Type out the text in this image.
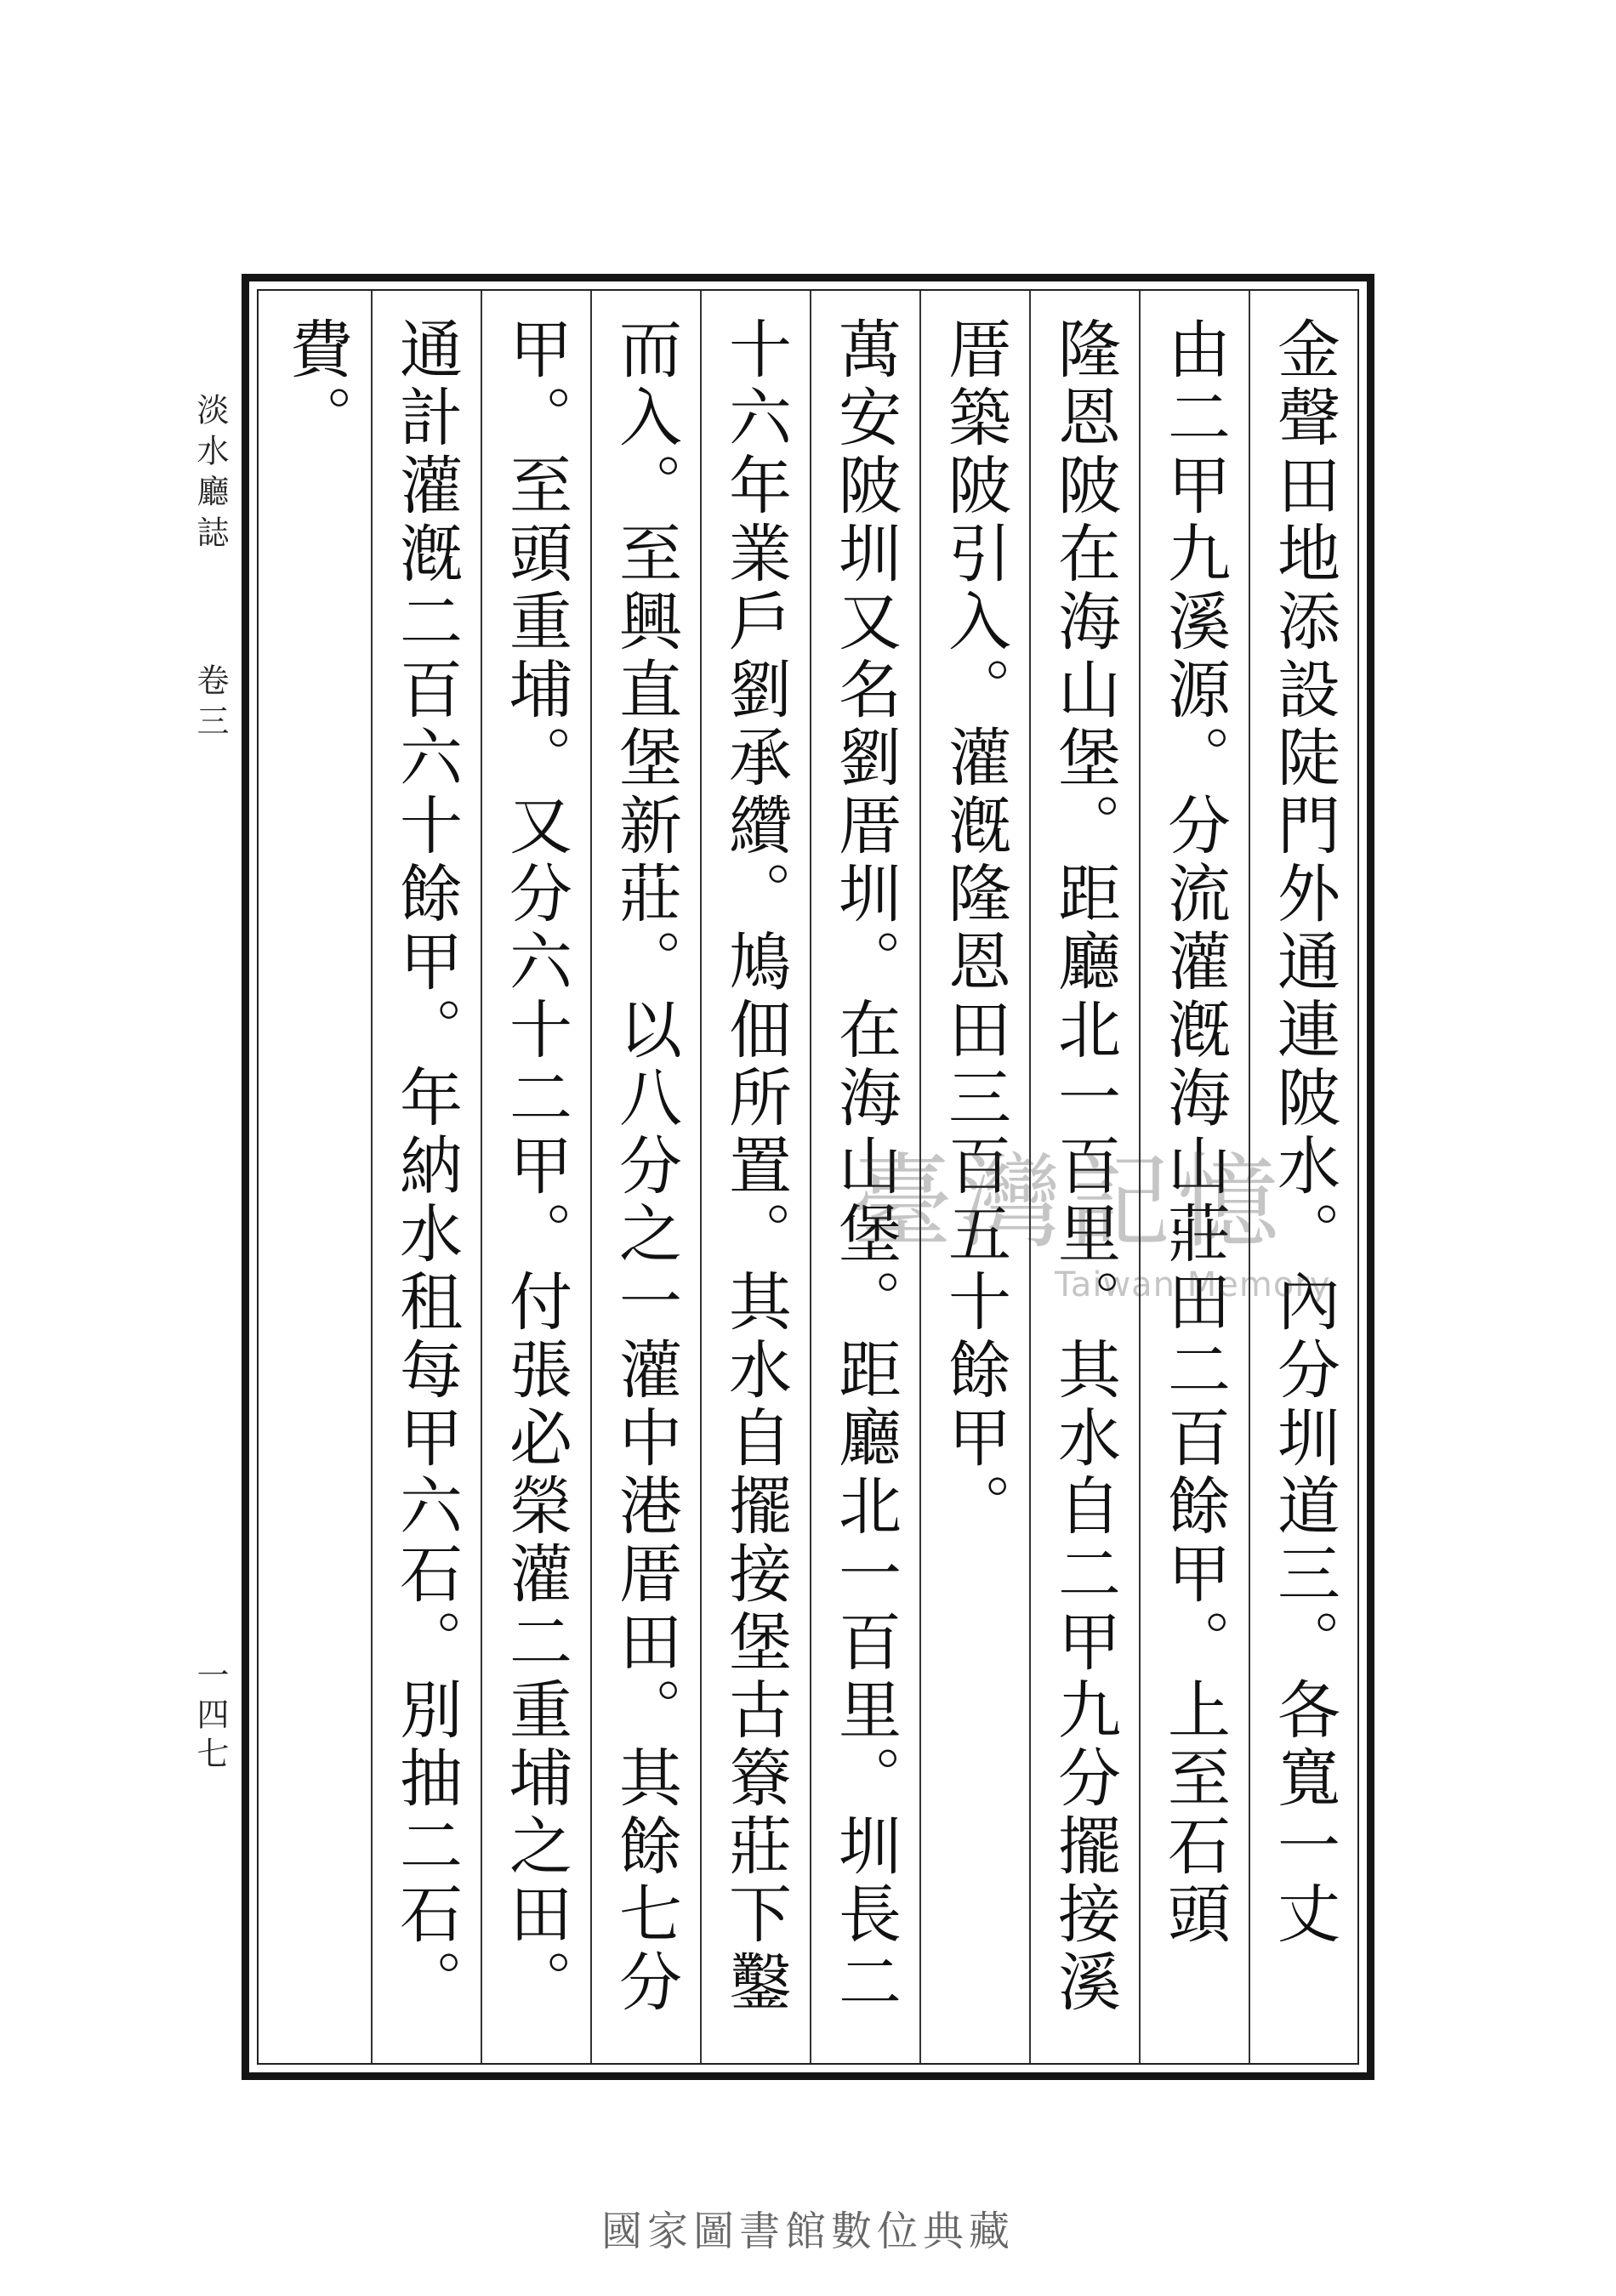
金聲田地添設陡門外通連陂水。內分圳道三。各寬一丈
由二甲九溪源。分流灌漑海山莊田二百餘甲。上至石頭
隆恩陂在海山堡。距廳北一百里。其水自二甲九分擺接溪
厝築陂引入。灌漑隆恩田三百五十餘甲。
萬安陂圳又名劉厝圳。在海山堡。距廳北一百里。圳長二
十六年業戶劉承纘。鳩佃所置。其水自擺接堡古簝莊下鑿
而入。至興直堡新莊。以八分之一灌中港厝田。其餘七分
甲。至頭重埔。又分六十二甲。付張必榮灌二重埔之田。
通計灌漑二百六十餘甲。年納水租每甲六石。別抽二石。
費。
淡水廳誌
卷三
一四七
臺灣記憶
Taiwan Memory
國家圖書館數位典藏
